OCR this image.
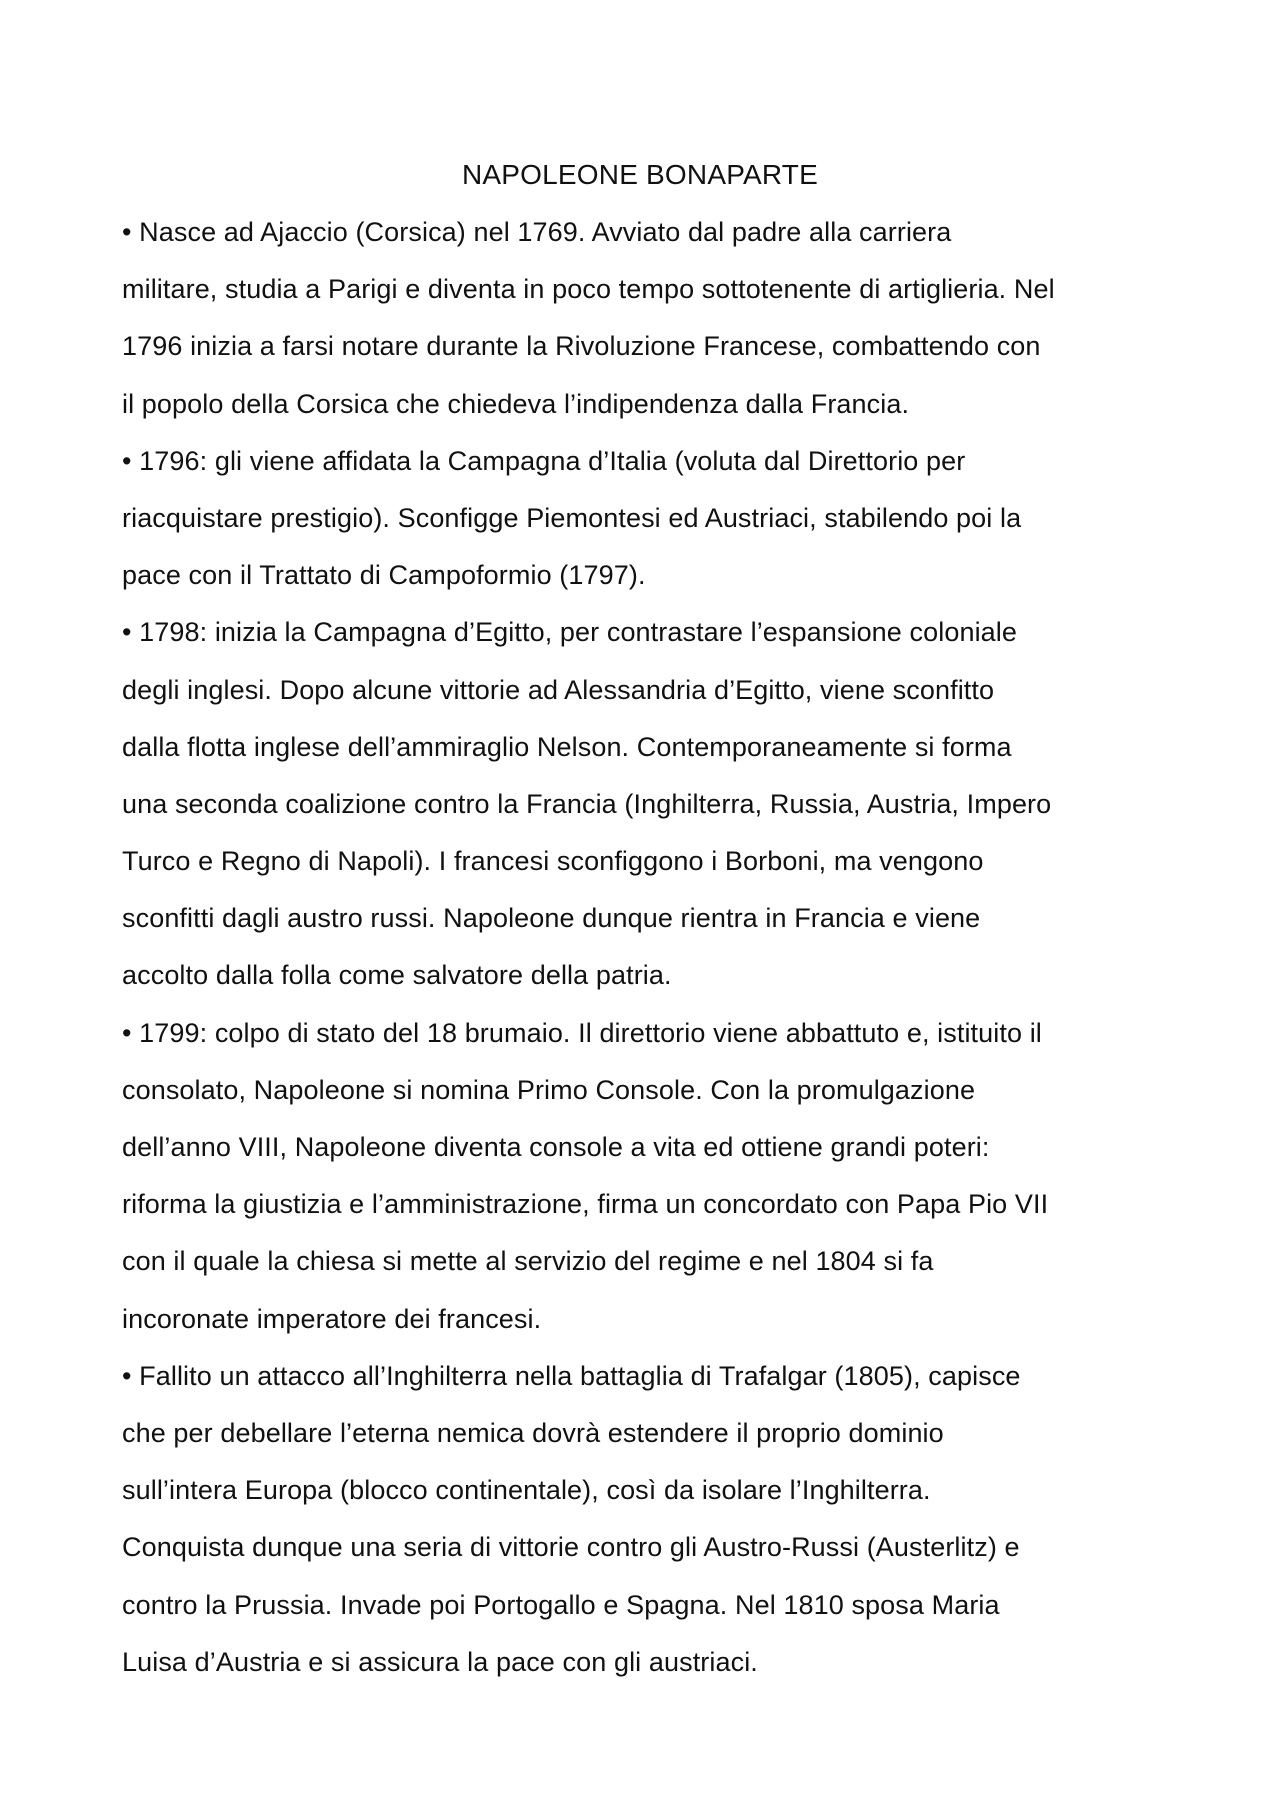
NAPOLEONE BONAPARTE
• Nasce ad Ajaccio (Corsica) nel 1769. Avviato dal padre alla carriera
militare, studia a Parigi e diventa in poco tempo sottotenente di artiglieria. Nel
1796 inizia a farsi notare durante la Rivoluzione Francese, combattendo con
il popolo della Corsica che chiedeva l’indipendenza dalla Francia.
• 1796: gli viene affidata la Campagna d’Italia (voluta dal Direttorio per
riacquistare prestigio). Sconfigge Piemontesi ed Austriaci, stabilendo poi la
pace con il Trattato di Campoformio (1797).
• 1798: inizia la Campagna d’Egitto, per contrastare l’espansione coloniale
degli inglesi. Dopo alcune vittorie ad Alessandria d’Egitto, viene sconfitto
dalla flotta inglese dell’ammiraglio Nelson. Contemporaneamente si forma
una seconda coalizione contro la Francia (Inghilterra, Russia, Austria, Impero
Turco e Regno di Napoli). I francesi sconfiggono i Borboni, ma vengono
sconfitti dagli austro russi. Napoleone dunque rientra in Francia e viene
accolto dalla folla come salvatore della patria.
• 1799: colpo di stato del 18 brumaio. Il direttorio viene abbattuto e, istituito il
consolato, Napoleone si nomina Primo Console. Con la promulgazione
dell’anno VIII, Napoleone diventa console a vita ed ottiene grandi poteri:
riforma la giustizia e l’amministrazione, firma un concordato con Papa Pio VII
con il quale la chiesa si mette al servizio del regime e nel 1804 si fa
incoronate imperatore dei francesi.
• Fallito un attacco all’Inghilterra nella battaglia di Trafalgar (1805), capisce
che per debellare l’eterna nemica dovrà estendere il proprio dominio
sull’intera Europa (blocco continentale), così da isolare l’Inghilterra.
Conquista dunque una seria di vittorie contro gli Austro-Russi (Austerlitz) e
contro la Prussia. Invade poi Portogallo e Spagna. Nel 1810 sposa Maria
Luisa d’Austria e si assicura la pace con gli austriaci.
